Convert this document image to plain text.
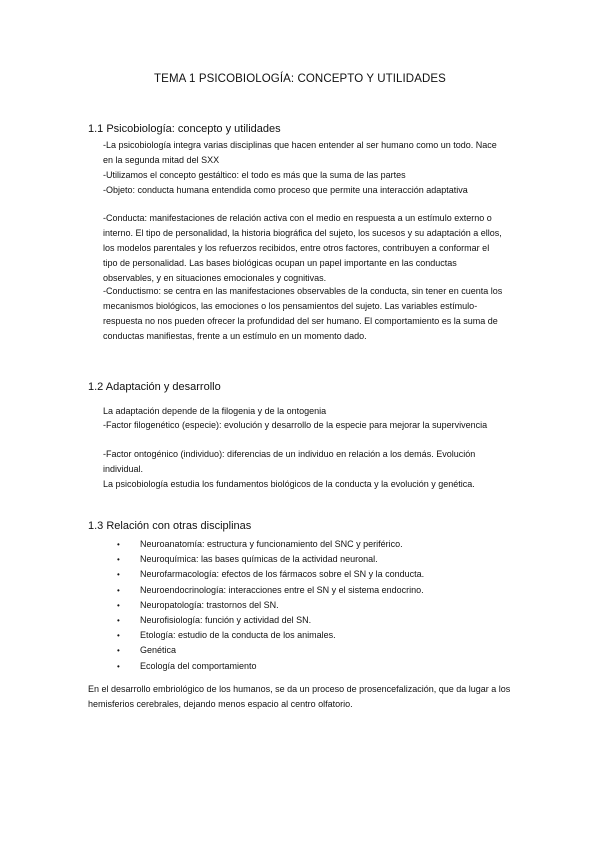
TEMA 1 PSICOBIOLOGÍA: CONCEPTO Y UTILIDADES
1.1 Psicobiología: concepto y utilidades
-La psicobiología integra varias disciplinas que hacen entender al ser humano como un todo. Nace en la segunda mitad del SXX
-Utilizamos el concepto gestáltico: el todo es más que la suma de las partes
-Objeto: conducta humana entendida como proceso que permite una interacción adaptativa
-Conducta: manifestaciones de relación activa con el medio en respuesta a un estímulo externo o interno. El tipo de personalidad, la historia biográfica del sujeto, los sucesos y su adaptación a ellos, los modelos parentales y los refuerzos recibidos, entre otros factores, contribuyen a conformar el tipo de personalidad. Las bases biológicas ocupan un papel importante en las conductas observables, y en situaciones emocionales y cognitivas.
-Conductismo: se centra en las manifestaciones observables de la conducta, sin tener en cuenta los mecanismos biológicos, las emociones o los pensamientos del sujeto. Las variables estímulo-respuesta no nos pueden ofrecer la profundidad del ser humano. El comportamiento es la suma de conductas manifiestas, frente a un estímulo en un momento dado.
1.2 Adaptación y desarrollo
La adaptación depende de la filogenia y de la ontogenia
-Factor filogenético (especie): evolución y desarrollo de la especie para mejorar la supervivencia
-Factor ontogénico (individuo): diferencias de un individuo en relación a los demás. Evolución individual.
La psicobiología estudia los fundamentos biológicos de la conducta y la evolución y genética.
1.3 Relación con otras disciplinas
• Neuroanatomía: estructura y funcionamiento del SNC y periférico.
• Neuroquímica: las bases químicas de la actividad neuronal.
• Neurofarmacología: efectos de los fármacos sobre el SN y la conducta.
• Neuroendocrinología: interacciones entre el SN y el sistema endocrino.
• Neuropatología: trastornos del SN.
• Neurofisiología: función y actividad del SN.
• Etología: estudio de la conducta de los animales.
• Genética
• Ecología del comportamiento
En el desarrollo embriológico de los humanos, se da un proceso de prosencefalización, que da lugar a los hemisferios cerebrales, dejando menos espacio al centro olfatorio.
